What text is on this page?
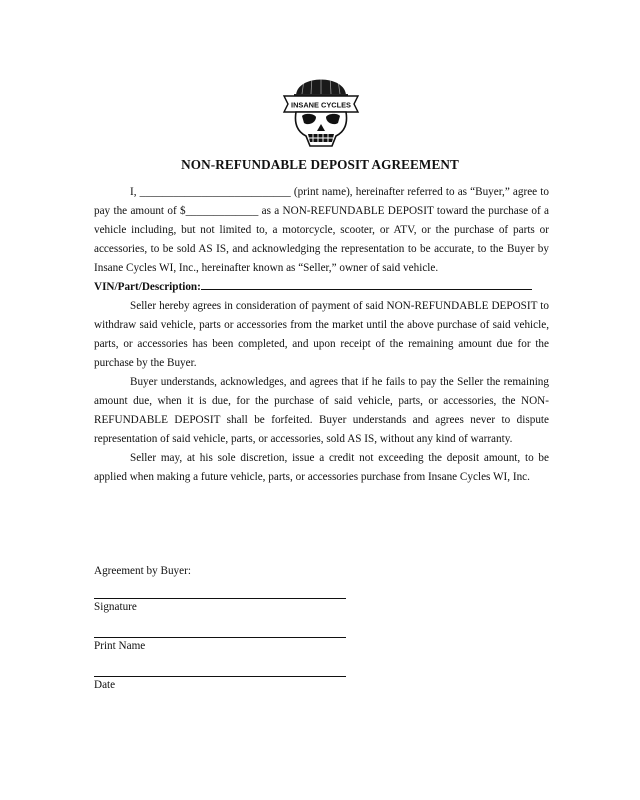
INSANE CYCLES
NON-REFUNDABLE DEPOSIT AGREEMENT

I, ___________________________ (print name), hereinafter referred to as “Buyer,” agree to pay the amount of $_____________ as a NON-REFUNDABLE DEPOSIT toward the purchase of a vehicle including, but not limited to, a motorcycle, scooter, or ATV, or the purchase of parts or accessories, to be sold AS IS, and acknowledging the representation to be accurate, to the Buyer by Insane Cycles WI, Inc., hereinafter known as “Seller,” owner of said vehicle.

VIN/Part/Description:

Seller hereby agrees in consideration of payment of said NON-REFUNDABLE DEPOSIT to withdraw said vehicle, parts or accessories from the market until the above purchase of said vehicle, parts, or accessories has been completed, and upon receipt of the remaining amount due for the purchase by the Buyer.

Buyer understands, acknowledges, and agrees that if he fails to pay the Seller the remaining amount due, when it is due, for the purchase of said vehicle, parts, or accessories, the NON-REFUNDABLE DEPOSIT shall be forfeited. Buyer understands and agrees never to dispute representation of said vehicle, parts, or accessories, sold AS IS, without any kind of warranty.

Seller may, at his sole discretion, issue a credit not exceeding the deposit amount, to be applied when making a future vehicle, parts, or accessories purchase from Insane Cycles WI, Inc.

Agreement by Buyer:
Signature
Print Name
Date
